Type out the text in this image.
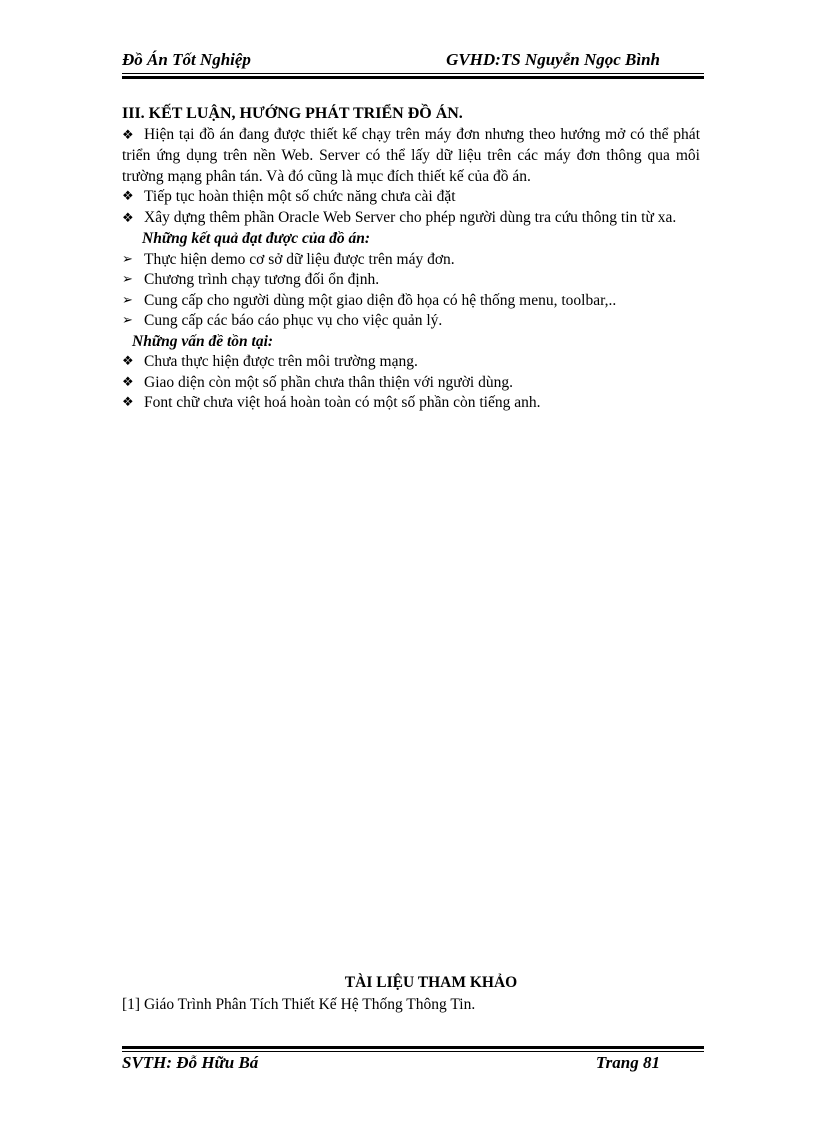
Đồ Án Tốt Nghiệp	GVHD:TS Nguyễn Ngọc Bình

III. KẾT LUẬN, HƯỚNG PHÁT TRIỂN ĐỒ ÁN.

❖ Hiện tại đồ án đang được thiết kế chạy trên máy đơn nhưng theo hướng mở có thể phát triển ứng dụng trên nền Web. Server có thể lấy dữ liệu trên các máy đơn thông qua môi trường mạng phân tán. Và đó cũng là mục đích thiết kế của đồ án.

❖ Tiếp tục hoàn thiện một số chức năng chưa cài đặt

❖ Xây dựng thêm phần Oracle Web Server cho phép người dùng tra cứu thông tin từ xa.

Những kết quả đạt được của đồ án:

➢ Thực hiện demo cơ sở dữ liệu được trên máy đơn.

➢ Chương trình chạy tương đối ổn định.

➢ Cung cấp cho người dùng một giao diện đồ họa có hệ thống menu, toolbar,..

➢ Cung cấp các báo cáo phục vụ cho việc quản lý.

Những vấn đề tồn tại:

❖ Chưa thực hiện được trên môi trường mạng.

❖ Giao diện còn một số phần chưa thân thiện với người dùng.

❖ Font chữ chưa việt hoá hoàn toàn có một số phần còn tiếng anh.

TÀI LIỆU THAM KHẢO

[1] Giáo Trình Phân Tích Thiết Kế Hệ Thống Thông Tin.

SVTH: Đỗ Hữu Bá	Trang 81
